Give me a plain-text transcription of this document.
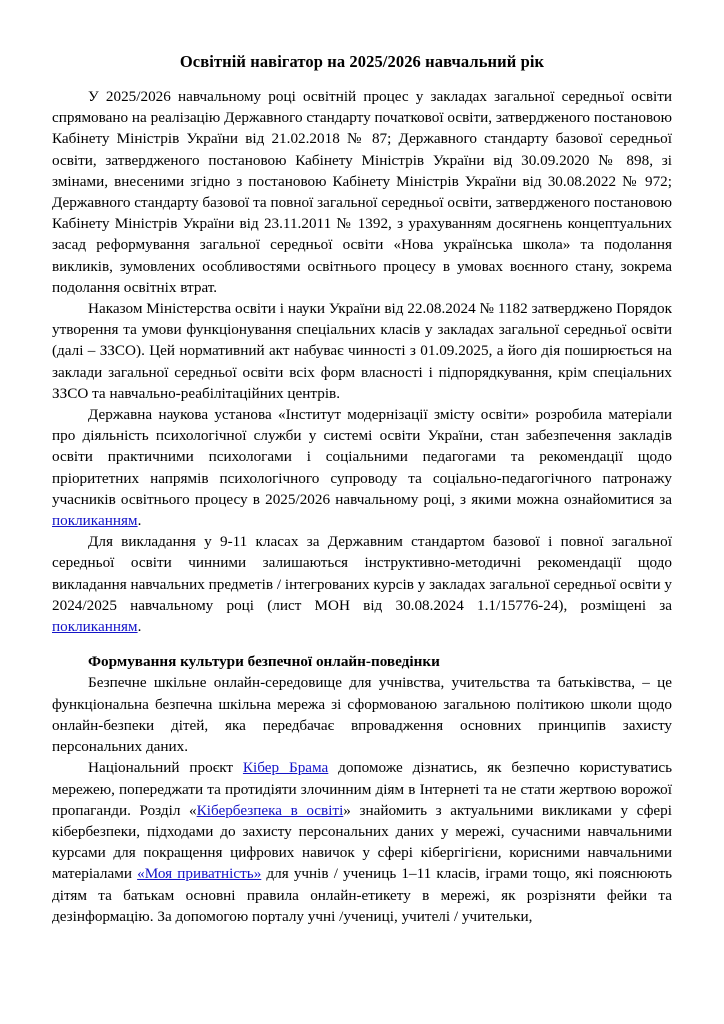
Освітній навігатор на 2025/2026 навчальний рік

У 2025/2026 навчальному році освітній процес у закладах загальної середньої освіти спрямовано на реалізацію Державного стандарту початкової освіти, затвердженого постановою Кабінету Міністрів України від 21.02.2018 № 87; Державного стандарту базової середньої освіти, затвердженого постановою Кабінету Міністрів України від 30.09.2020 № 898, зі змінами, внесеними згідно з постановою Кабінету Міністрів України від 30.08.2022 № 972; Державного стандарту базової та повної загальної середньої освіти, затвердженого постановою Кабінету Міністрів України від 23.11.2011 № 1392, з урахуванням досягнень концептуальних засад реформування загальної середньої освіти «Нова українська школа» та подолання викликів, зумовлених особливостями освітнього процесу в умовах воєнного стану, зокрема подолання освітніх втрат.

Наказом Міністерства освіти і науки України від 22.08.2024 № 1182 затверджено Порядок утворення та умови функціонування спеціальних класів у закладах загальної середньої освіти (далі – ЗЗСО). Цей нормативний акт набуває чинності з 01.09.2025, а його дія поширюється на заклади загальної середньої освіти всіх форм власності і підпорядкування, крім спеціальних ЗЗСО та навчально-реабілітаційних центрів.

Державна наукова установа «Інститут модернізації змісту освіти» розробила матеріали про діяльність психологічної служби у системі освіти України, стан забезпечення закладів освіти практичними психологами і соціальними педагогами та рекомендації щодо пріоритетних напрямів психологічного супроводу та соціально-педагогічного патронажу учасників освітнього процесу в 2025/2026 навчальному році, з якими можна ознайомитися за покликанням.

Для викладання у 9-11 класах за Державним стандартом базової і повної загальної середньої освіти чинними залишаються інструктивно-методичні рекомендації щодо викладання навчальних предметів / інтегрованих курсів у закладах загальної середньої освіти у 2024/2025 навчальному році (лист МОН від 30.08.2024 1.1/15776-24), розміщені за покликанням.

Формування культури безпечної онлайн-поведінки

Безпечне шкільне онлайн-середовище для учнівства, учительства та батьківства, – це функціональна безпечна шкільна мережа зі сформованою загальною політикою школи щодо онлайн-безпеки дітей, яка передбачає впровадження основних принципів захисту персональних даних.

Національний проєкт Кібер Брама допоможе дізнатись, як безпечно користуватись мережею, попереджати та протидіяти злочинним діям в Інтернеті та не стати жертвою ворожої пропаганди. Розділ «Кібербезпека в освіті» знайомить з актуальними викликами у сфері кібербезпеки, підходами до захисту персональних даних у мережі, сучасними навчальними курсами для покращення цифрових навичок у сфері кібергігієни, корисними навчальними матеріалами «Моя приватність» для учнів / учениць 1–11 класів, іграми тощо, які пояснюють дітям та батькам основні правила онлайн-етикету в мережі, як розрізняти фейки та дезінформацію. За допомогою порталу учні /учениці, учителі / учительки,
